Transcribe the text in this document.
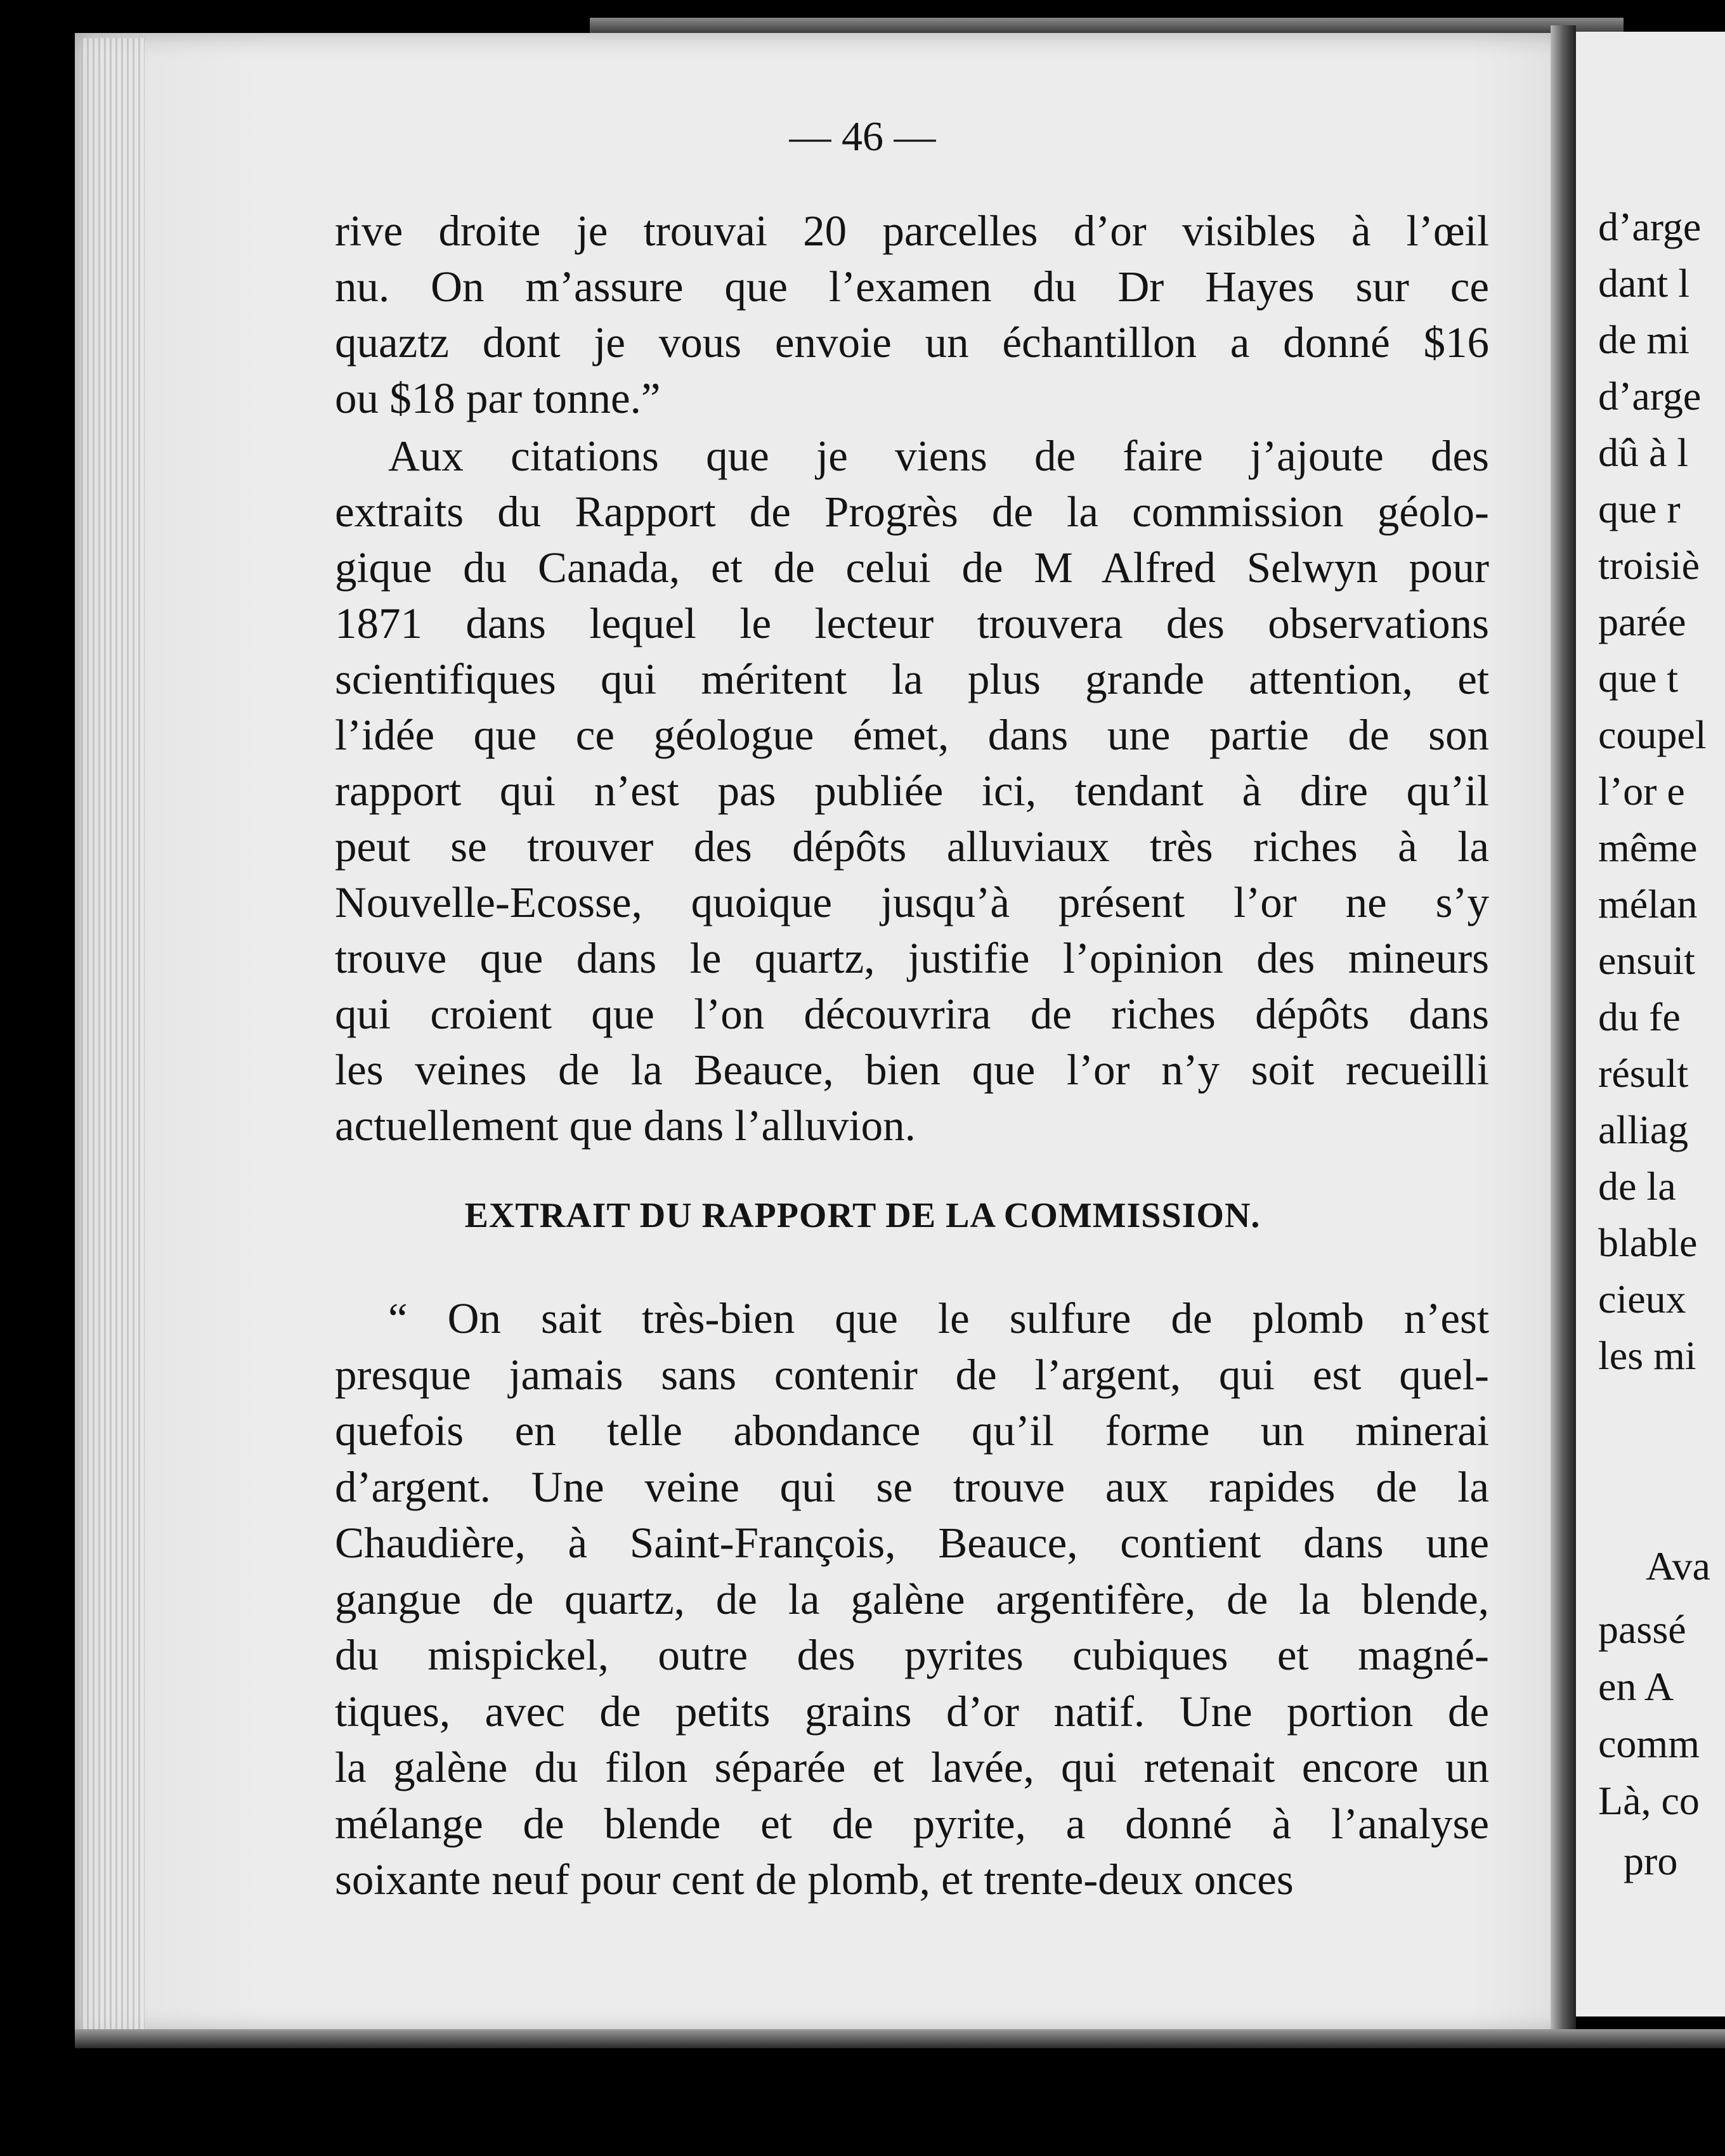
— 46 —
rive droite je trouvai 20 parcelles d’or visibles à l’œil
nu. On m’assure que l’examen du Dr Hayes sur ce
quaztz dont je vous envoie un échantillon a donné $16
ou $18 par tonne.”
Aux citations que je viens de faire j’ajoute des
extraits du Rapport de Progrès de la commission géolo-
gique du Canada, et de celui de M Alfred Selwyn pour
1871 dans lequel le lecteur trouvera des observations
scientifiques qui méritent la plus grande attention, et
l’idée que ce géologue émet, dans une partie de son
rapport qui n’est pas publiée ici, tendant à dire qu’il
peut se trouver des dépôts alluviaux très riches à la
Nouvelle-Ecosse, quoique jusqu’à présent l’or ne s’y
trouve que dans le quartz, justifie l’opinion des mineurs
qui croient que l’on découvrira de riches dépôts dans
les veines de la Beauce, bien que l’or n’y soit recueilli
actuellement que dans l’alluvion.
“ On sait très-bien que le sulfure de plomb n’est
presque jamais sans contenir de l’argent, qui est quel-
quefois en telle abondance qu’il forme un minerai
d’argent. Une veine qui se trouve aux rapides de la
Chaudière, à Saint-François, Beauce, contient dans une
gangue de quartz, de la galène argentifère, de la blende,
du mispickel, outre des pyrites cubiques et magné-
tiques, avec de petits grains d’or natif. Une portion de
la galène du filon séparée et lavée, qui retenait encore un
mélange de blende et de pyrite, a donné à l’analyse
soixante neuf pour cent de plomb, et trente-deux onces
EXTRAIT DU RAPPORT DE LA COMMISSION.
d’arge
dant l
de mi
d’arge
dû à l
que r
troisiè
parée
que t
coupel
l’or e
même
mélan
ensuit
du fe
résult
alliag
de la
blable
cieux
les mi
Ava
passé
en A
comm
Là, co
pro
